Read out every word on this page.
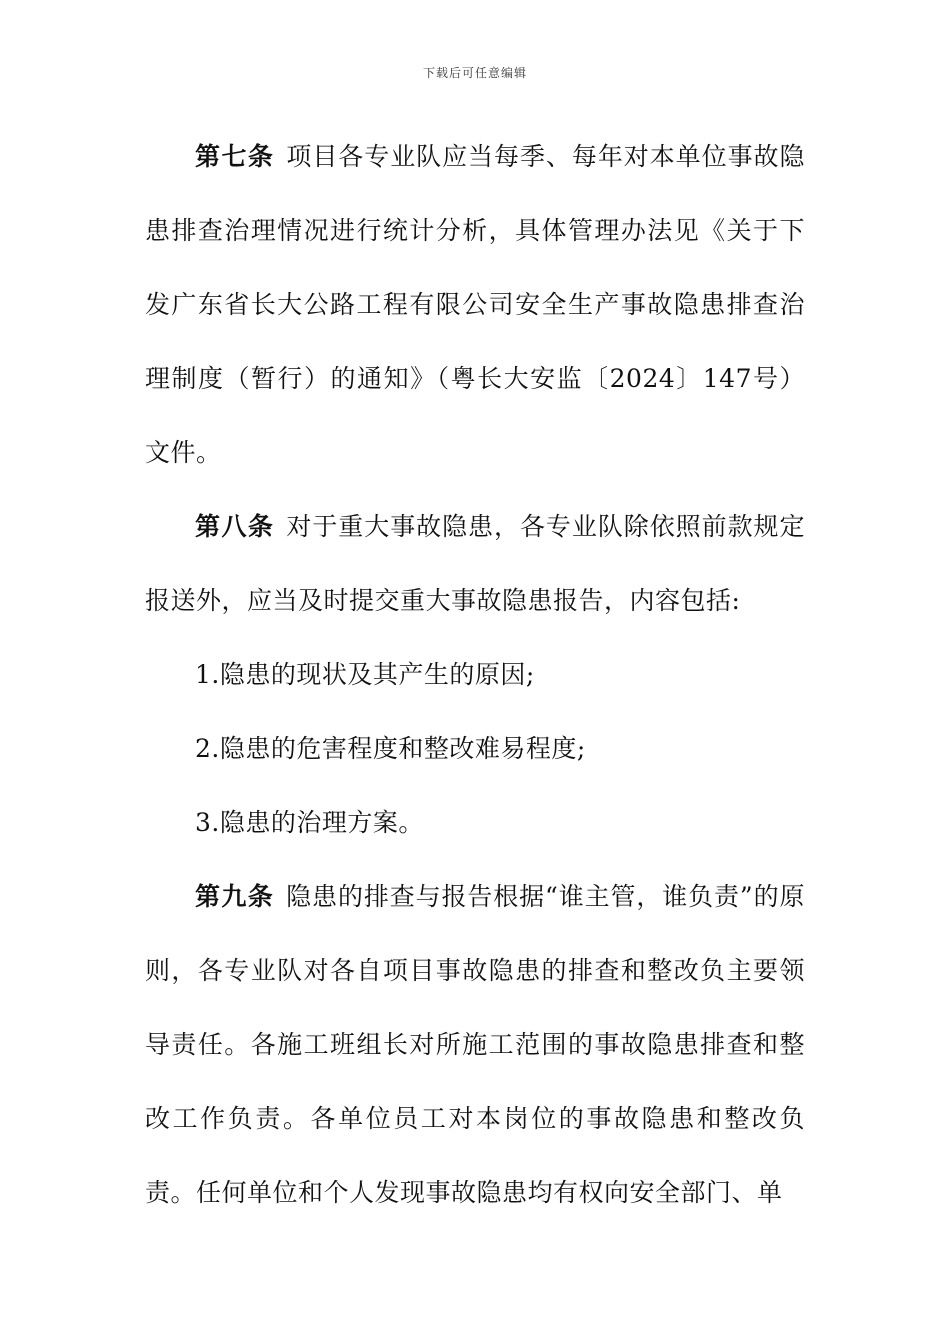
下载后可任意编辑

第七条 项目各专业队应当每季、每年对本单位事故隐患排查治理情况进行统计分析，具体管理办法见《关于下发广东省长大公路工程有限公司安全生产事故隐患排查治理制度（暂行）的通知》（粤长大安监〔2024〕147号）文件。

第八条 对于重大事故隐患，各专业队除依照前款规定报送外，应当及时提交重大事故隐患报告，内容包括:

1.隐患的现状及其产生的原因;

2.隐患的危害程度和整改难易程度;

3.隐患的治理方案。

第九条 隐患的排查与报告根据“谁主管，谁负责”的原则，各专业队对各自项目事故隐患的排查和整改负主要领导责任。各施工班组长对所施工范围的事故隐患排查和整改工作负责。各单位员工对本岗位的事故隐患和整改负责。任何单位和个人发现事故隐患均有权向安全部门、单
